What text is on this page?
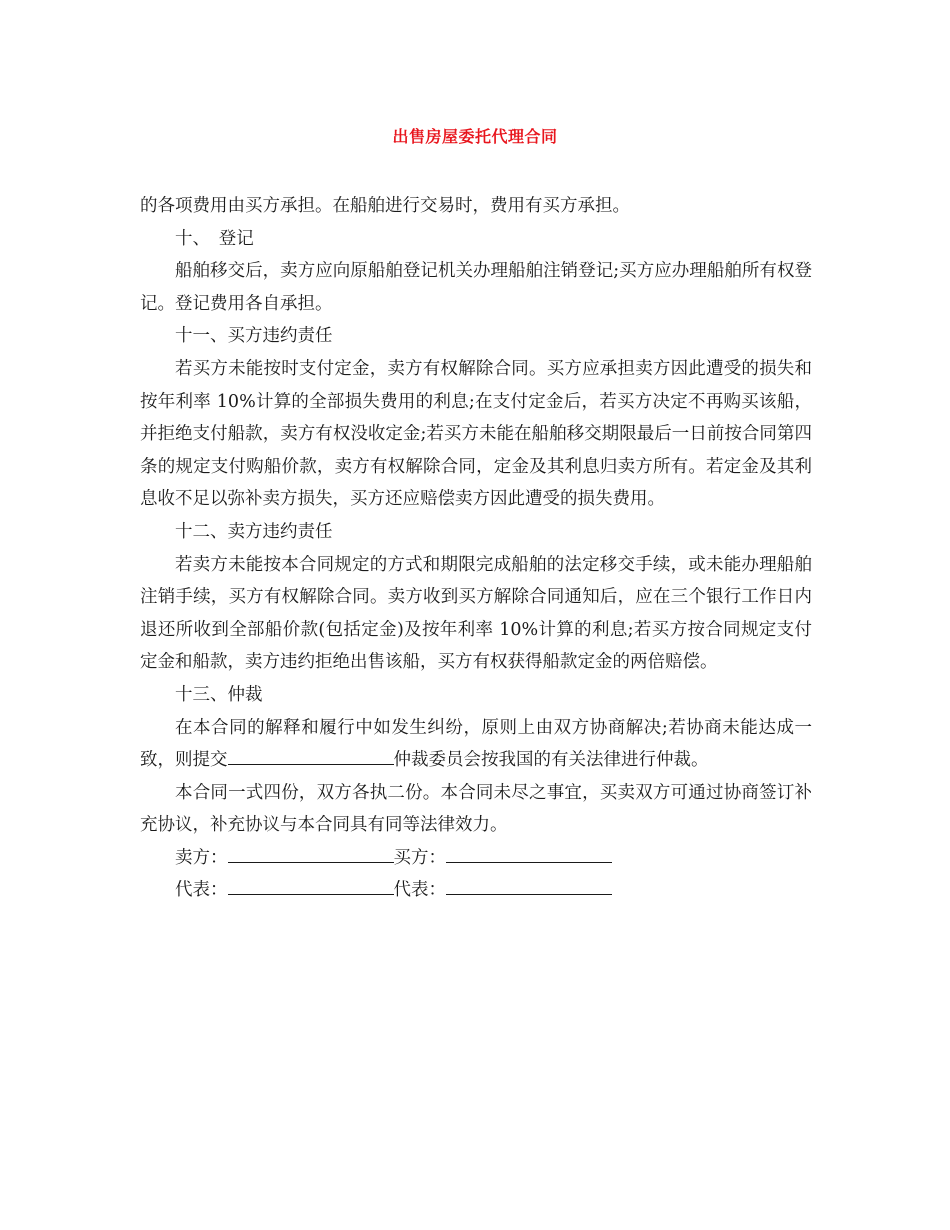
出售房屋委托代理合同

的各项费用由买方承担。在船舶进行交易时，费用有买方承担。

十、　登记

船舶移交后，卖方应向原船舶登记机关办理船舶注销登记;买方应办理船舶所有权登记。登记费用各自承担。

十一、买方违约责任

若买方未能按时支付定金，卖方有权解除合同。买方应承担卖方因此遭受的损失和按年利率 10%计算的全部损失费用的利息;在支付定金后，若买方决定不再购买该船，并拒绝支付船款，卖方有权没收定金;若买方未能在船舶移交期限最后一日前按合同第四条的规定支付购船价款，卖方有权解除合同，定金及其利息归卖方所有。若定金及其利息收不足以弥补卖方损失，买方还应赔偿卖方因此遭受的损失费用。

十二、卖方违约责任

若卖方未能按本合同规定的方式和期限完成船舶的法定移交手续，或未能办理船舶注销手续，买方有权解除合同。卖方收到买方解除合同通知后，应在三个银行工作日内退还所收到全部船价款(包括定金)及按年利率 10%计算的利息;若买方按合同规定支付定金和船款，卖方违约拒绝出售该船，买方有权获得船款定金的两倍赔偿。

十三、仲裁

在本合同的解释和履行中如发生纠纷，原则上由双方协商解决;若协商未能达成一致，则提交	仲裁委员会按我国的有关法律进行仲裁。

本合同一式四份，双方各执二份。本合同未尽之事宜，买卖双方可通过协商签订补充协议，补充协议与本合同具有同等法律效力。

卖方：	买方：

代表：	代表：
